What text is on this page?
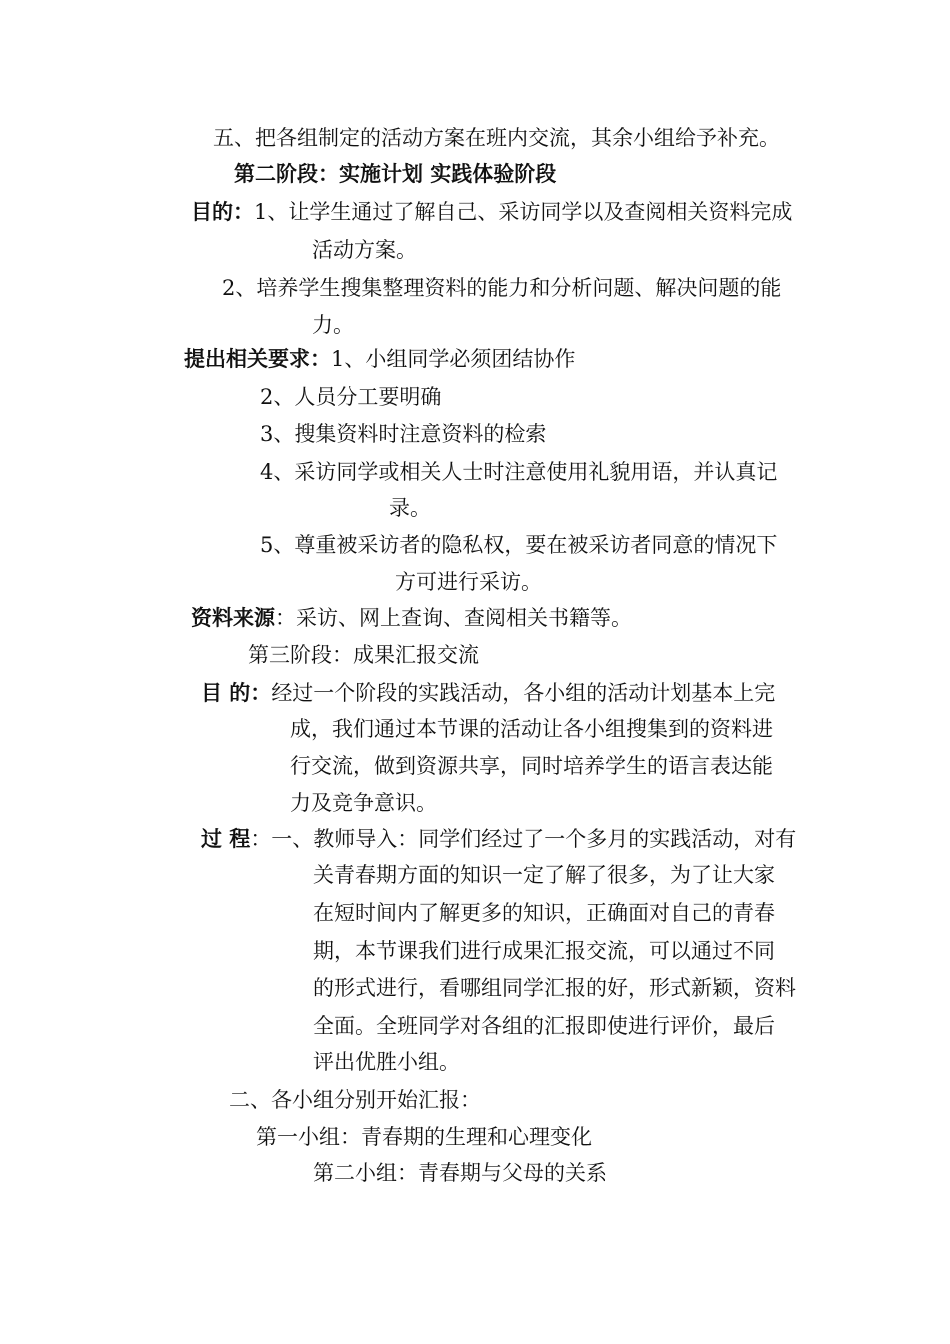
五、把各组制定的活动方案在班内交流，其余小组给予补充。
第二阶段：实施计划 实践体验阶段
目的：1、让学生通过了解自己、采访同学以及查阅相关资料完成
活动方案。
2、培养学生搜集整理资料的能力和分析问题、解决问题的能
力。
提出相关要求：1、小组同学必须团结协作
2、人员分工要明确
3、搜集资料时注意资料的检索
4、采访同学或相关人士时注意使用礼貌用语，并认真记
录。
5、尊重被采访者的隐私权，要在被采访者同意的情况下
方可进行采访。
资料来源：采访、网上查询、查阅相关书籍等。
第三阶段：成果汇报交流
目 的：经过一个阶段的实践活动，各小组的活动计划基本上完
成，我们通过本节课的活动让各小组搜集到的资料进
行交流，做到资源共享，同时培养学生的语言表达能
力及竞争意识。
过 程：一、教师导入：同学们经过了一个多月的实践活动，对有
关青春期方面的知识一定了解了很多，为了让大家
在短时间内了解更多的知识，正确面对自己的青春
期，本节课我们进行成果汇报交流，可以通过不同
的形式进行，看哪组同学汇报的好，形式新颖，资料
全面。全班同学对各组的汇报即使进行评价，最后
评出优胜小组。
二、各小组分别开始汇报：
第一小组：青春期的生理和心理变化
第二小组：青春期与父母的关系
